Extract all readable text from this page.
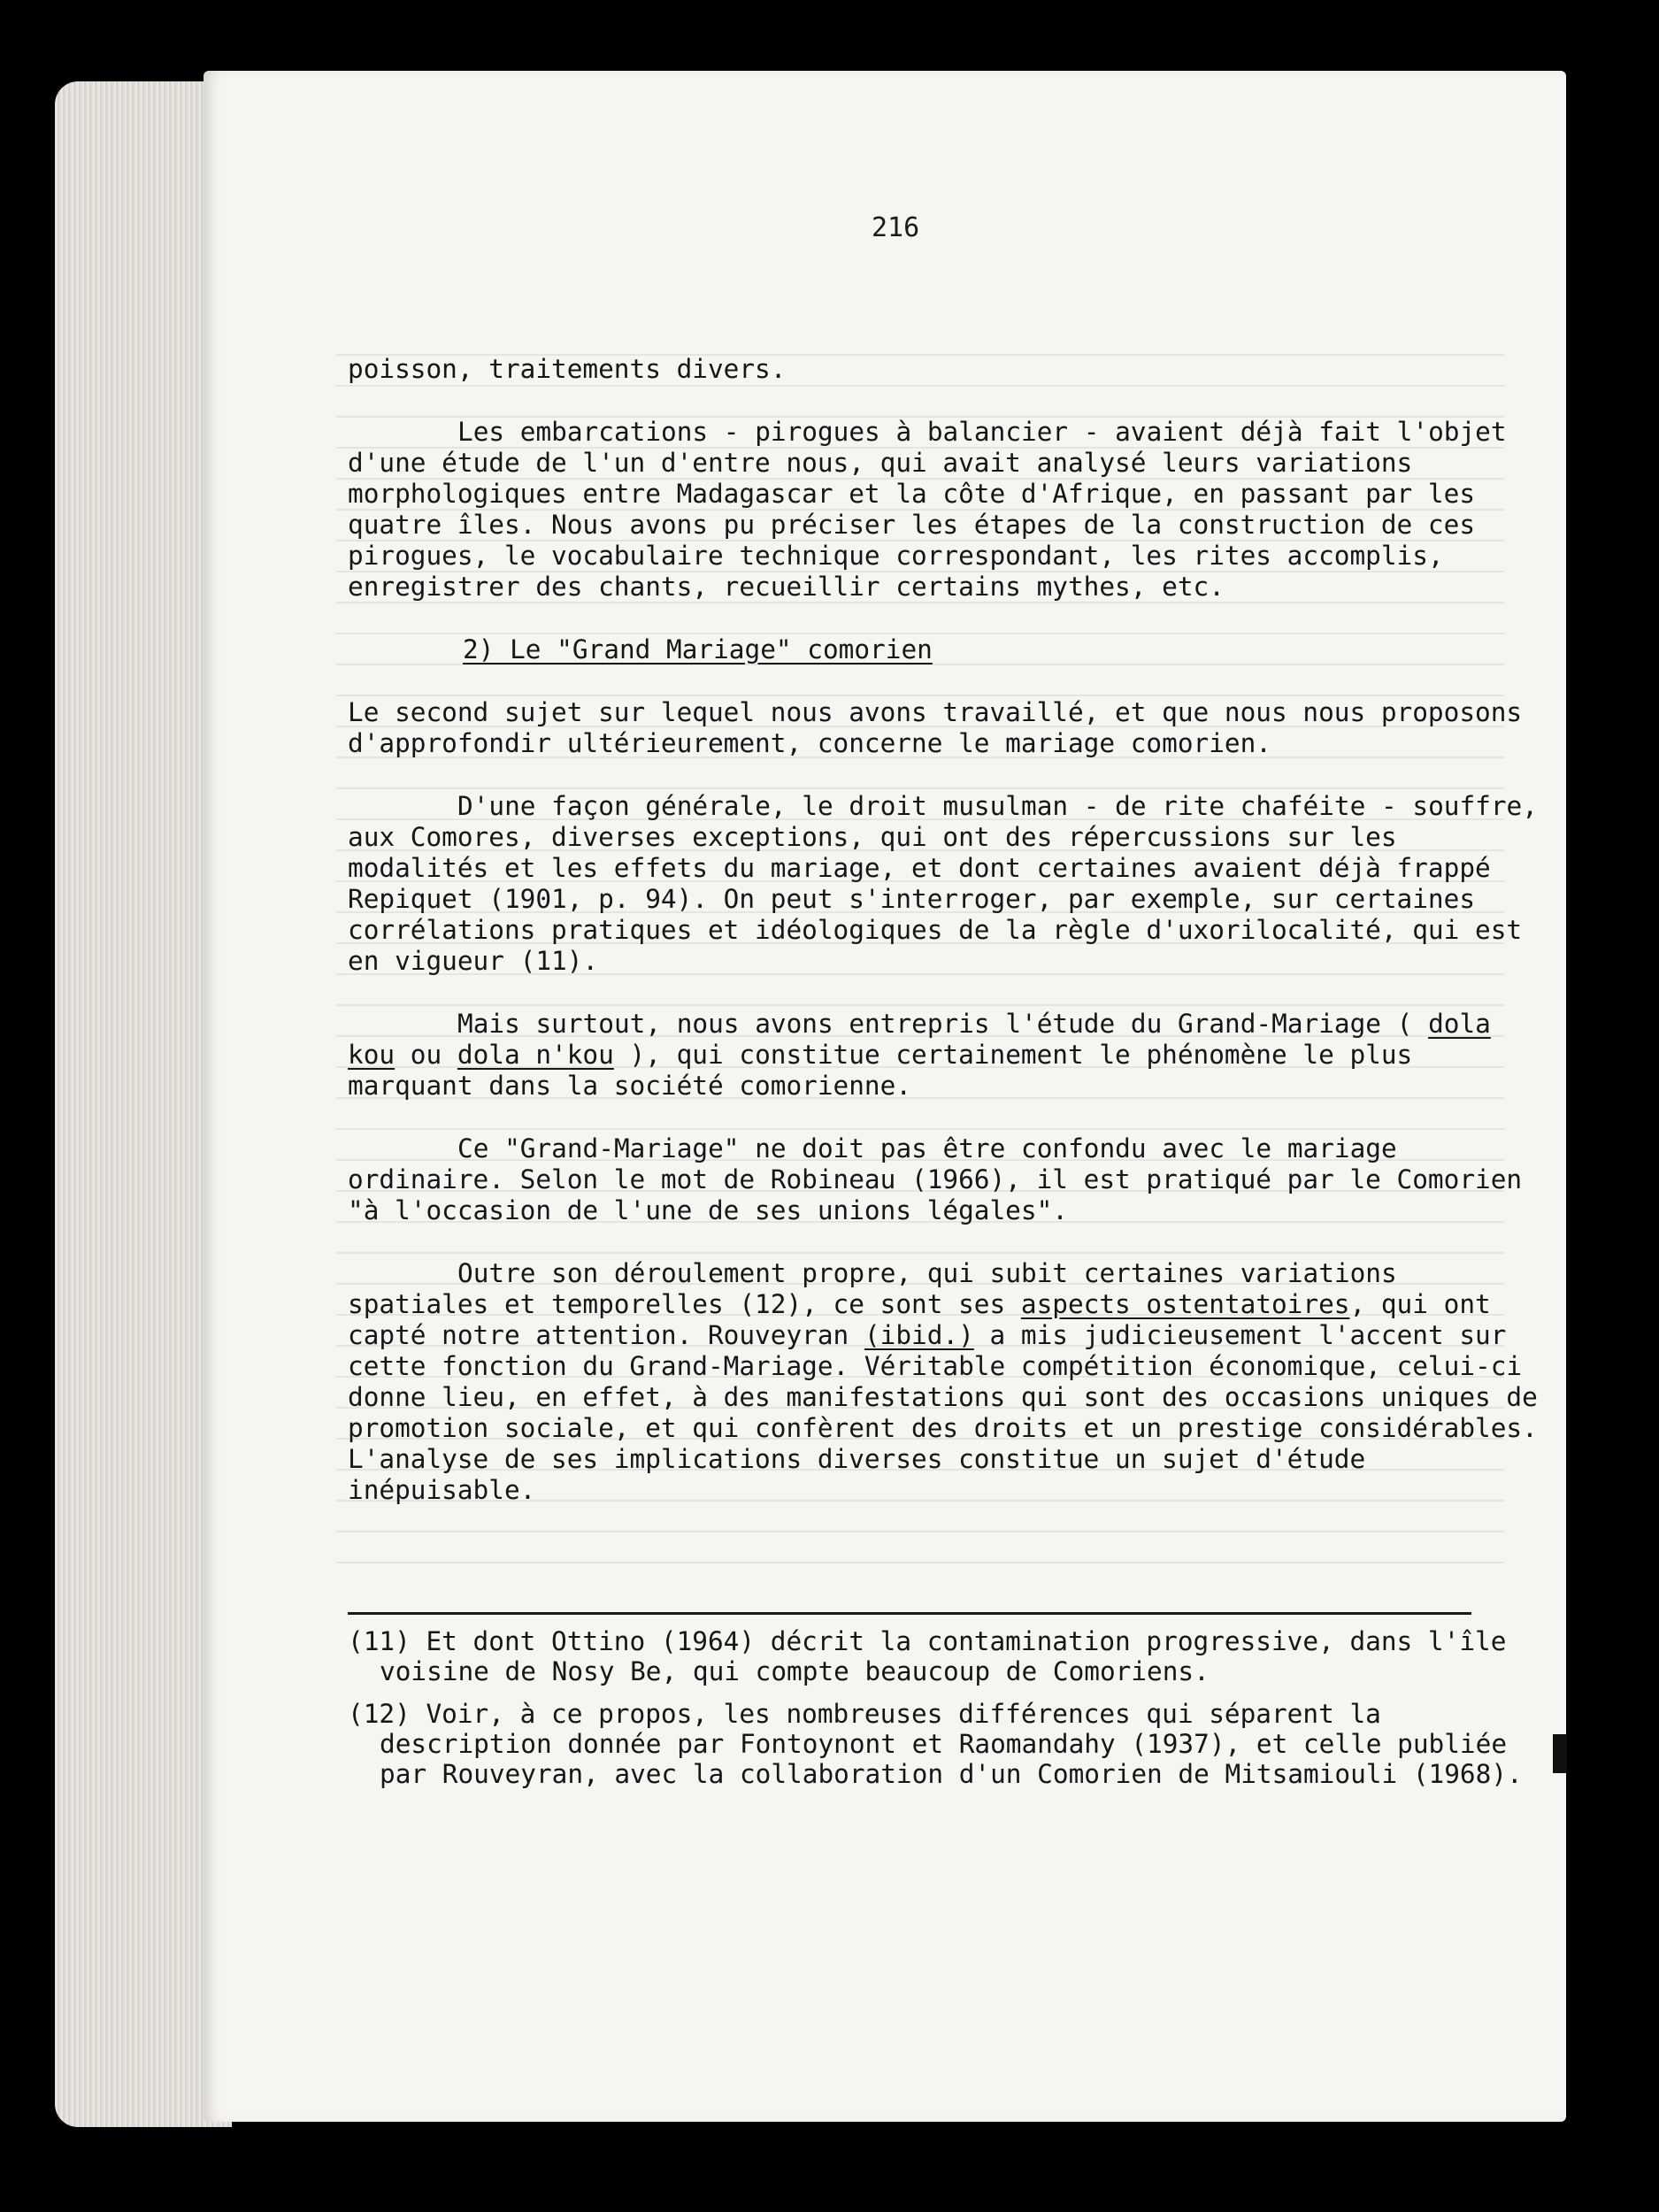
216

poisson, traitements divers.

Les embarcations - pirogues à balancier - avaient déjà fait l'objet d'une étude de l'un d'entre nous, qui avait analysé leurs variations morphologiques entre Madagascar et la côte d'Afrique, en passant par les quatre îles. Nous avons pu préciser les étapes de la construction de ces pirogues, le vocabulaire technique correspondant, les rites accomplis, enregistrer des chants, recueillir certains mythes, etc.

2) Le "Grand Mariage" comorien

Le second sujet sur lequel nous avons travaillé, et que nous nous proposons d'approfondir ultérieurement, concerne le mariage comorien.

D'une façon générale, le droit musulman - de rite chaféite - souffre, aux Comores, diverses exceptions, qui ont des répercussions sur les modalités et les effets du mariage, et dont certaines avaient déjà frappé Repiquet (1901, p. 94). On peut s'interroger, par exemple, sur certaines corrélations pratiques et idéologiques de la règle d'uxorilocalité, qui est en vigueur (11).

Mais surtout, nous avons entrepris l'étude du Grand-Mariage ( dola kou ou dola n'kou ), qui constitue certainement le phénomène le plus marquant dans la société comorienne.

Ce "Grand-Mariage" ne doit pas être confondu avec le mariage ordinaire. Selon le mot de Robineau (1966), il est pratiqué par le Comorien "à l'occasion de l'une de ses unions légales".

Outre son déroulement propre, qui subit certaines variations spatiales et temporelles (12), ce sont ses aspects ostentatoires, qui ont capté notre attention. Rouveyran (ibid.) a mis judicieusement l'accent sur cette fonction du Grand-Mariage. Véritable compétition économique, celui-ci donne lieu, en effet, à des manifestations qui sont des occasions uniques de promotion sociale, et qui confèrent des droits et un prestige considérables. L'analyse de ses implications diverses constitue un sujet d'étude inépuisable.

(11) Et dont Ottino (1964) décrit la contamination progressive, dans l'île voisine de Nosy Be, qui compte beaucoup de Comoriens.

(12) Voir, à ce propos, les nombreuses différences qui séparent la description donnée par Fontoynont et Raomandahy (1937), et celle publiée par Rouveyran, avec la collaboration d'un Comorien de Mitsamiouli (1968).
